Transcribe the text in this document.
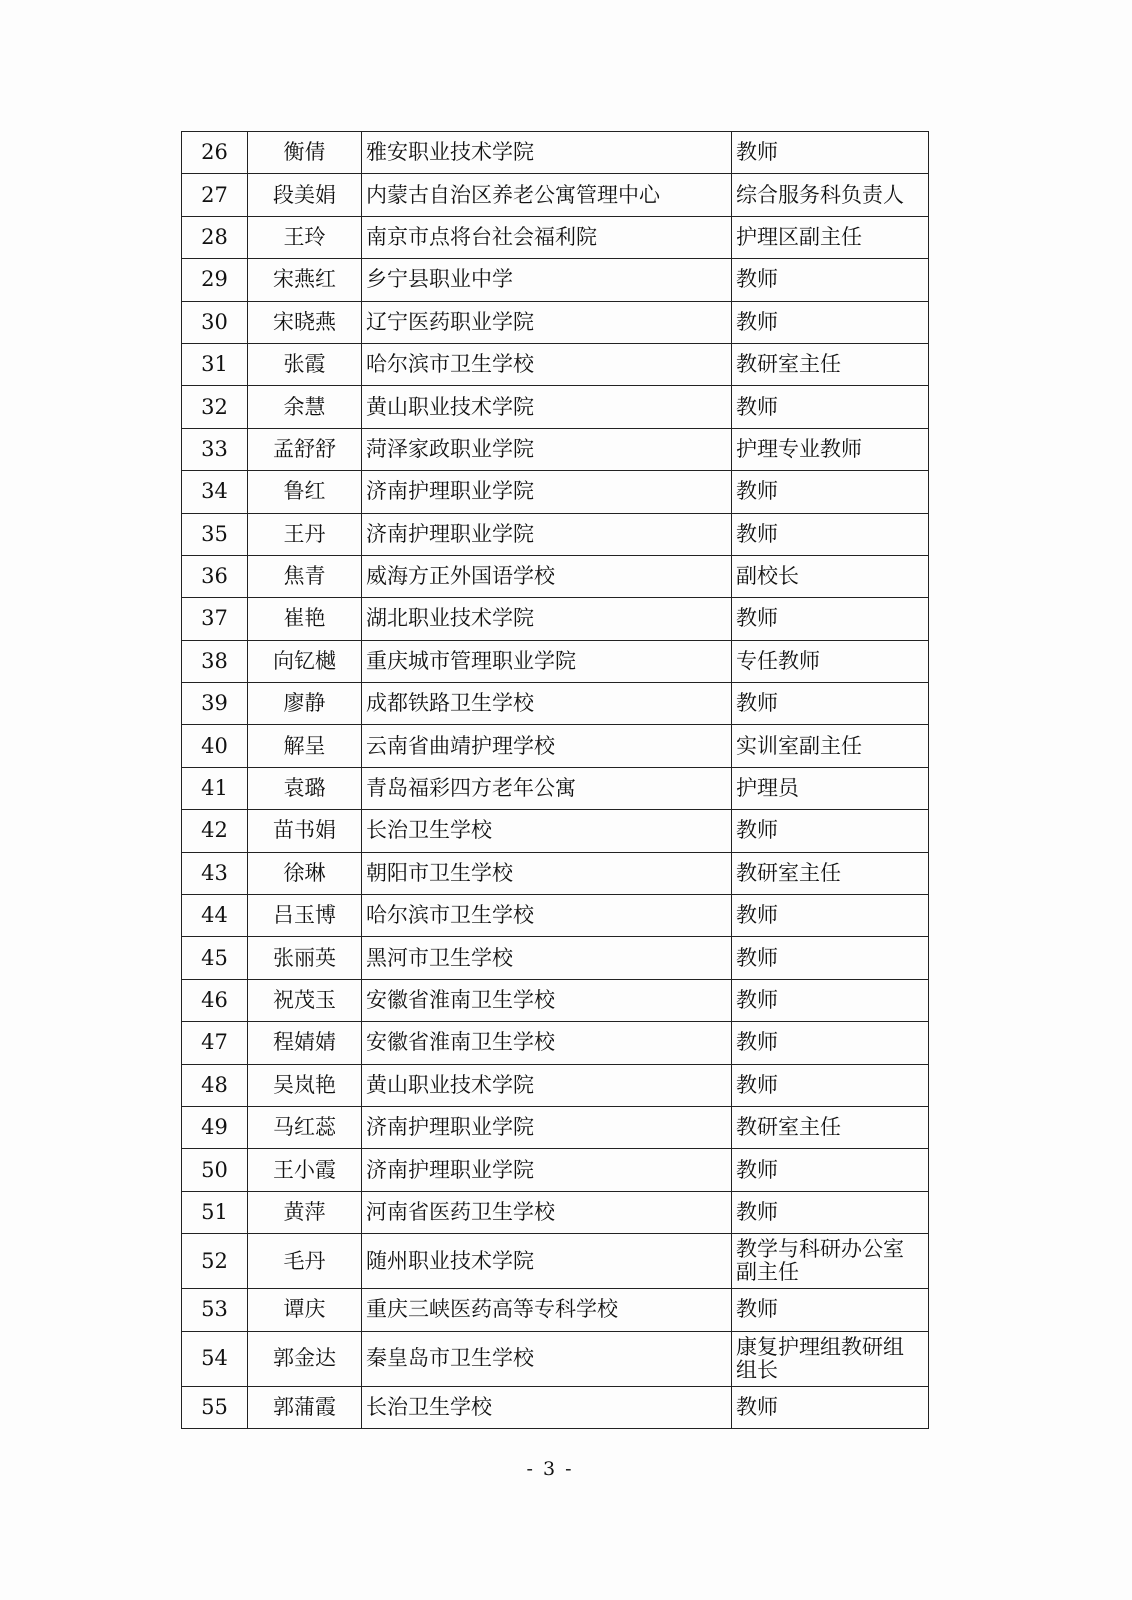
26	衡倩	雅安职业技术学院	教师
27	段美娟	内蒙古自治区养老公寓管理中心	综合服务科负责人
28	王玲	南京市点将台社会福利院	护理区副主任
29	宋燕红	乡宁县职业中学	教师
30	宋晓燕	辽宁医药职业学院	教师
31	张霞	哈尔滨市卫生学校	教研室主任
32	余慧	黄山职业技术学院	教师
33	孟舒舒	菏泽家政职业学院	护理专业教师
34	鲁红	济南护理职业学院	教师
35	王丹	济南护理职业学院	教师
36	焦青	威海方正外国语学校	副校长
37	崔艳	湖北职业技术学院	教师
38	向钇樾	重庆城市管理职业学院	专任教师
39	廖静	成都铁路卫生学校	教师
40	解呈	云南省曲靖护理学校	实训室副主任
41	袁璐	青岛福彩四方老年公寓	护理员
42	苗书娟	长治卫生学校	教师
43	徐琳	朝阳市卫生学校	教研室主任
44	吕玉博	哈尔滨市卫生学校	教师
45	张丽英	黑河市卫生学校	教师
46	祝茂玉	安徽省淮南卫生学校	教师
47	程婧婧	安徽省淮南卫生学校	教师
48	吴岚艳	黄山职业技术学院	教师
49	马红蕊	济南护理职业学院	教研室主任
50	王小霞	济南护理职业学院	教师
51	黄萍	河南省医药卫生学校	教师
52	毛丹	随州职业技术学院	教学与科研办公室副主任
53	谭庆	重庆三峡医药高等专科学校	教师
54	郭金达	秦皇岛市卫生学校	康复护理组教研组组长
55	郭蒲霞	长治卫生学校	教师
- 3 -
